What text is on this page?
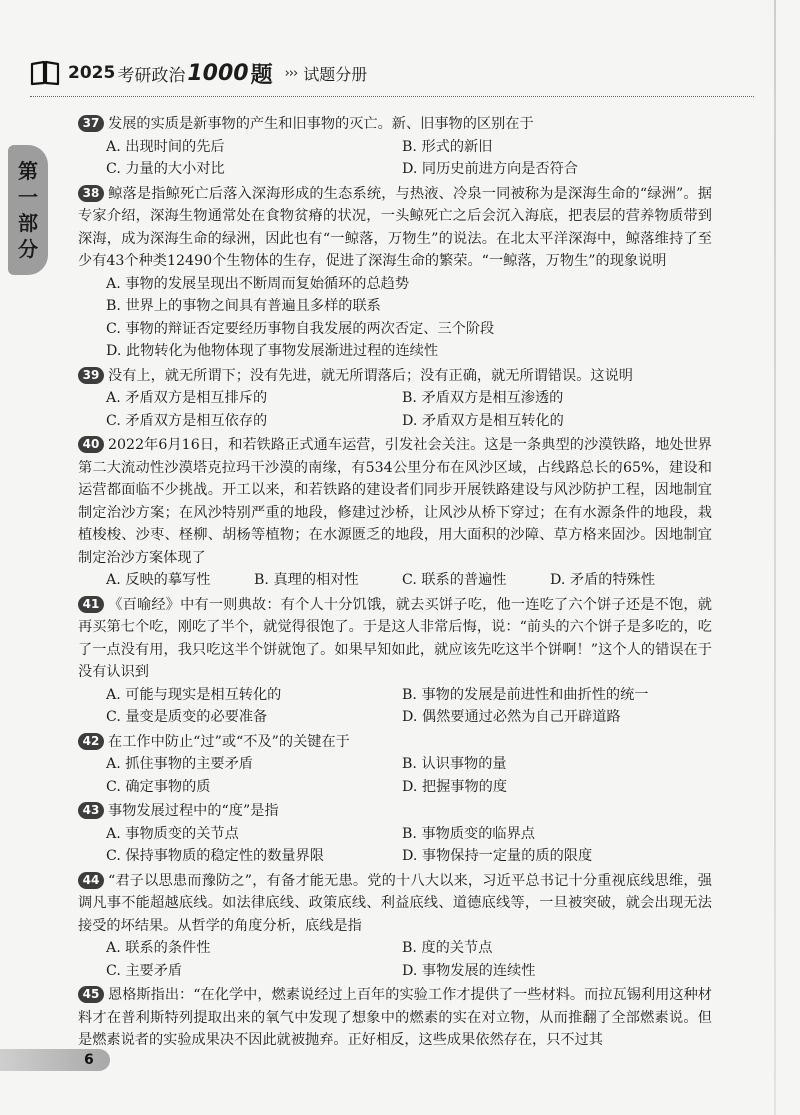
2025 考研政治 1000 题 ››› 试题分册
第
一
部
分
37 发展的实质是新事物的产生和旧事物的灭亡。新、旧事物的区别在于
A. 出现时间的先后	B. 形式的新旧
C. 力量的大小对比	D. 同历史前进方向是否符合
38 鲸落是指鲸死亡后落入深海形成的生态系统，与热液、冷泉一同被称为是深海生命的“绿洲”。据专家介绍，深海生物通常处在食物贫瘠的状况，一头鲸死亡之后会沉入海底，把表层的营养物质带到深海，成为深海生命的绿洲，因此也有“一鲸落，万物生”的说法。在北太平洋深海中，鲸落维持了至少有43个种类12490个生物体的生存，促进了深海生命的繁荣。“一鲸落，万物生”的现象说明
A. 事物的发展呈现出不断周而复始循环的总趋势
B. 世界上的事物之间具有普遍且多样的联系
C. 事物的辩证否定要经历事物自我发展的两次否定、三个阶段
D. 此物转化为他物体现了事物发展渐进过程的连续性
39 没有上，就无所谓下；没有先进，就无所谓落后；没有正确，就无所谓错误。这说明
A. 矛盾双方是相互排斥的	B. 矛盾双方是相互渗透的
C. 矛盾双方是相互依存的	D. 矛盾双方是相互转化的
40 2022年6月16日，和若铁路正式通车运营，引发社会关注。这是一条典型的沙漠铁路，地处世界第二大流动性沙漠塔克拉玛干沙漠的南缘，有534公里分布在风沙区域，占线路总长的65%，建设和运营都面临不少挑战。开工以来，和若铁路的建设者们同步开展铁路建设与风沙防护工程，因地制宜制定治沙方案；在风沙特别严重的地段，修建过沙桥，让风沙从桥下穿过；在有水源条件的地段，栽植梭梭、沙枣、柽柳、胡杨等植物；在水源匮乏的地段，用大面积的沙障、草方格来固沙。因地制宜制定治沙方案体现了
A. 反映的摹写性	B. 真理的相对性	C. 联系的普遍性	D. 矛盾的特殊性
41 《百喻经》中有一则典故：有个人十分饥饿，就去买饼子吃，他一连吃了六个饼子还是不饱，就再买第七个吃，刚吃了半个，就觉得很饱了。于是这人非常后悔，说：“前头的六个饼子是多吃的，吃了一点没有用，我只吃这半个饼就饱了。如果早知如此，就应该先吃这半个饼啊！”这个人的错误在于没有认识到
A. 可能与现实是相互转化的	B. 事物的发展是前进性和曲折性的统一
C. 量变是质变的必要准备	D. 偶然要通过必然为自己开辟道路
42 在工作中防止“过”或“不及”的关键在于
A. 抓住事物的主要矛盾	B. 认识事物的量
C. 确定事物的质	D. 把握事物的度
43 事物发展过程中的“度”是指
A. 事物质变的关节点	B. 事物质变的临界点
C. 保持事物质的稳定性的数量界限	D. 事物保持一定量的质的限度
44 “君子以思患而豫防之”，有备才能无患。党的十八大以来，习近平总书记十分重视底线思维，强调凡事不能超越底线。如法律底线、政策底线、利益底线、道德底线等，一旦被突破，就会出现无法接受的坏结果。从哲学的角度分析，底线是指
A. 联系的条件性	B. 度的关节点
C. 主要矛盾	D. 事物发展的连续性
45 恩格斯指出：“在化学中，燃素说经过上百年的实验工作才提供了一些材料。而拉瓦锡利用这种材料才在普利斯特列提取出来的氧气中发现了想象中的燃素的实在对立物，从而推翻了全部燃素说。但是燃素说者的实验成果决不因此就被抛弃。正好相反，这些成果依然存在，只不过其
6
